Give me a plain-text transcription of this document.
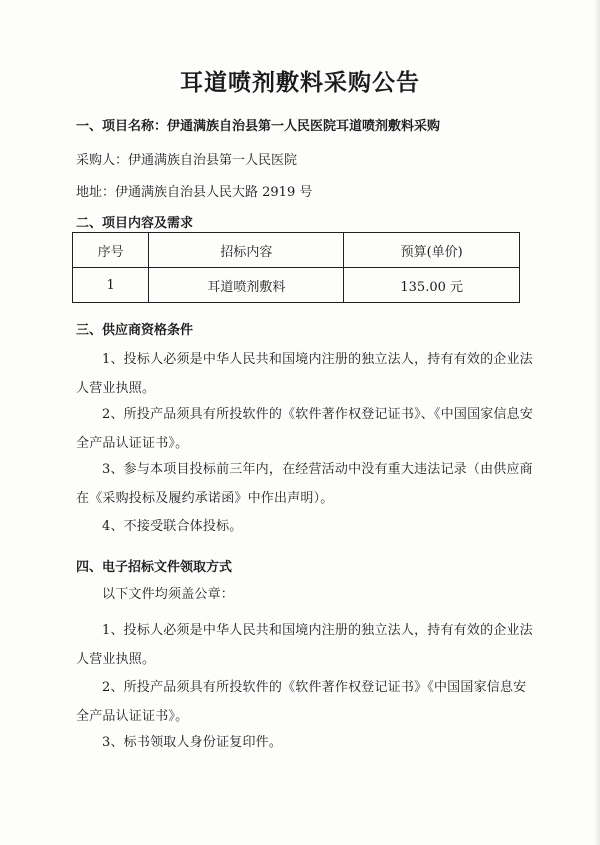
耳道喷剂敷料采购公告
一、项目名称：伊通满族自治县第一人民医院耳道喷剂敷料采购
采购人：伊通满族自治县第一人民医院
地址：伊通满族自治县人民大路 2919 号
二、项目内容及需求
序号	招标内容	预算(单价)
1	耳道喷剂敷料	135.00 元
三、供应商资格条件
1、投标人必须是中华人民共和国境内注册的独立法人，持有有效的企业法人营业执照。
2、所投产品须具有所投软件的《软件著作权登记证书》、《中国国家信息安全产品认证证书》。
3、参与本项目投标前三年内，在经营活动中没有重大违法记录（由供应商在《采购投标及履约承诺函》中作出声明）。
4、不接受联合体投标。
四、电子招标文件领取方式
以下文件均须盖公章：
1、投标人必须是中华人民共和国境内注册的独立法人，持有有效的企业法人营业执照。
2、所投产品须具有所投软件的《软件著作权登记证书》《中国国家信息安全产品认证证书》。
3、标书领取人身份证复印件。
